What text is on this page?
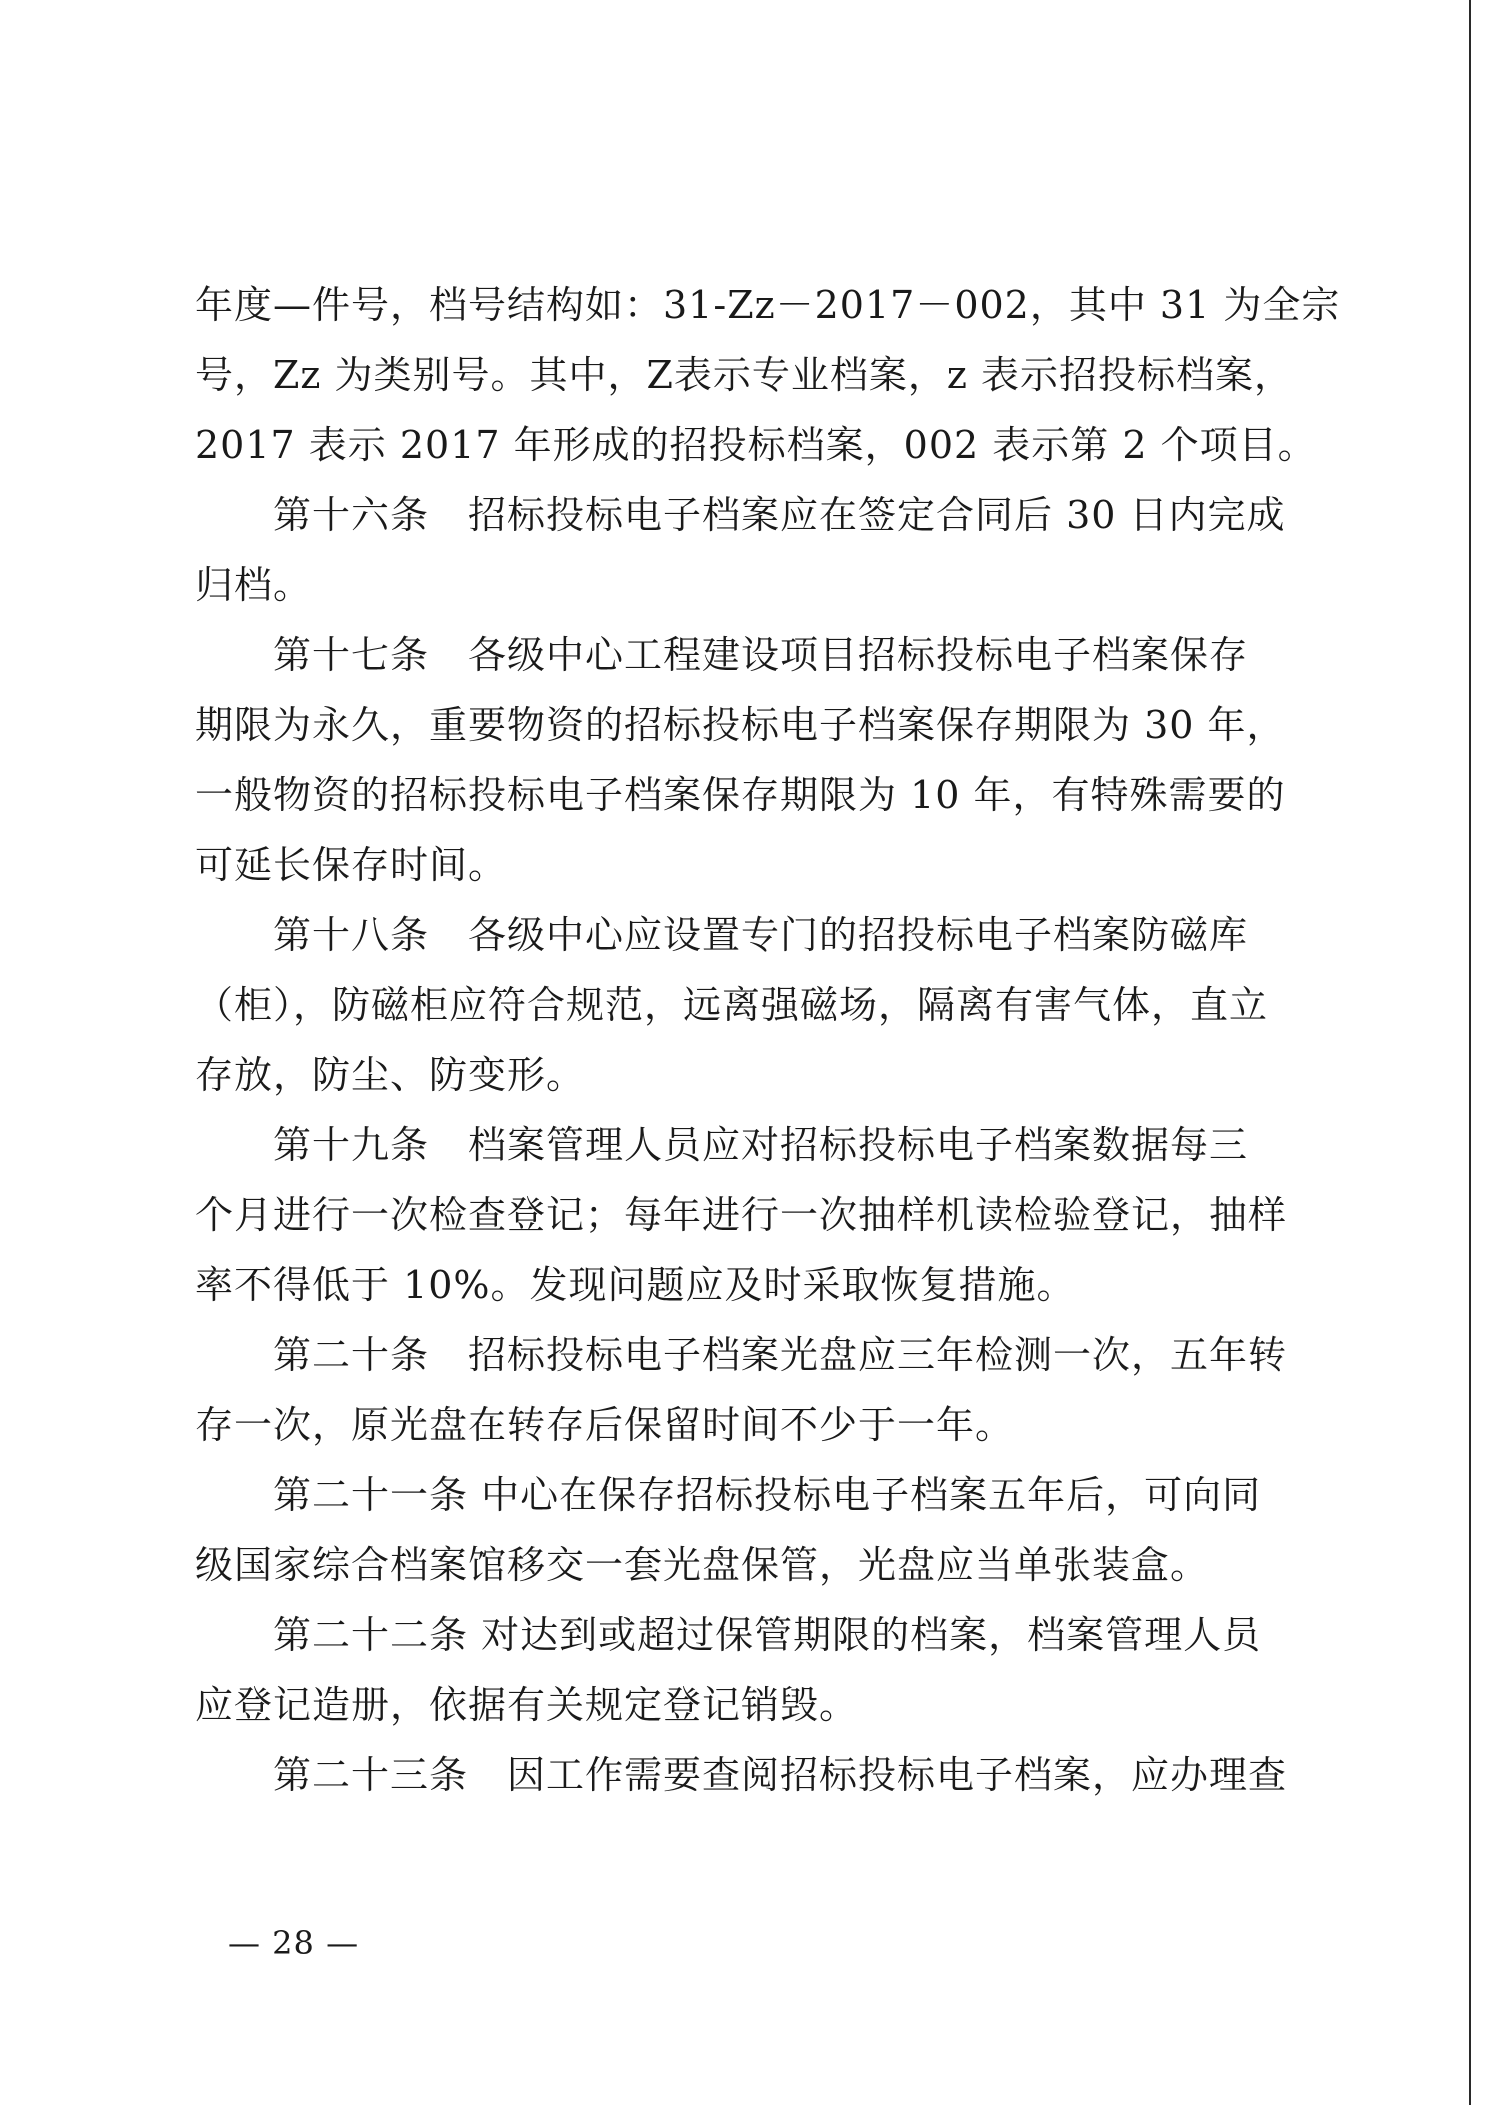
年度—件号，档号结构如：31-Zz－2017－002，其中 31 为全宗
号，Zz 为类别号。其中，Z表示专业档案，z 表示招投标档案，
2017 表示 2017 年形成的招投标档案，002 表示第 2 个项目。
第十六条　招标投标电子档案应在签定合同后 30 日内完成
归档。
第十七条　各级中心工程建设项目招标投标电子档案保存
期限为永久，重要物资的招标投标电子档案保存期限为 30 年，
一般物资的招标投标电子档案保存期限为 10 年，有特殊需要的
可延长保存时间。
第十八条　各级中心应设置专门的招投标电子档案防磁库
（柜），防磁柜应符合规范，远离强磁场，隔离有害气体，直立
存放，防尘、防变形。
第十九条　档案管理人员应对招标投标电子档案数据每三
个月进行一次检查登记；每年进行一次抽样机读检验登记，抽样
率不得低于 10%。发现问题应及时采取恢复措施。
第二十条　招标投标电子档案光盘应三年检测一次，五年转
存一次，原光盘在转存后保留时间不少于一年。
第二十一条 中心在保存招标投标电子档案五年后，可向同
级国家综合档案馆移交一套光盘保管，光盘应当单张装盒。
第二十二条 对达到或超过保管期限的档案，档案管理人员
应登记造册，依据有关规定登记销毁。
第二十三条　因工作需要查阅招标投标电子档案，应办理查
— 28 —
